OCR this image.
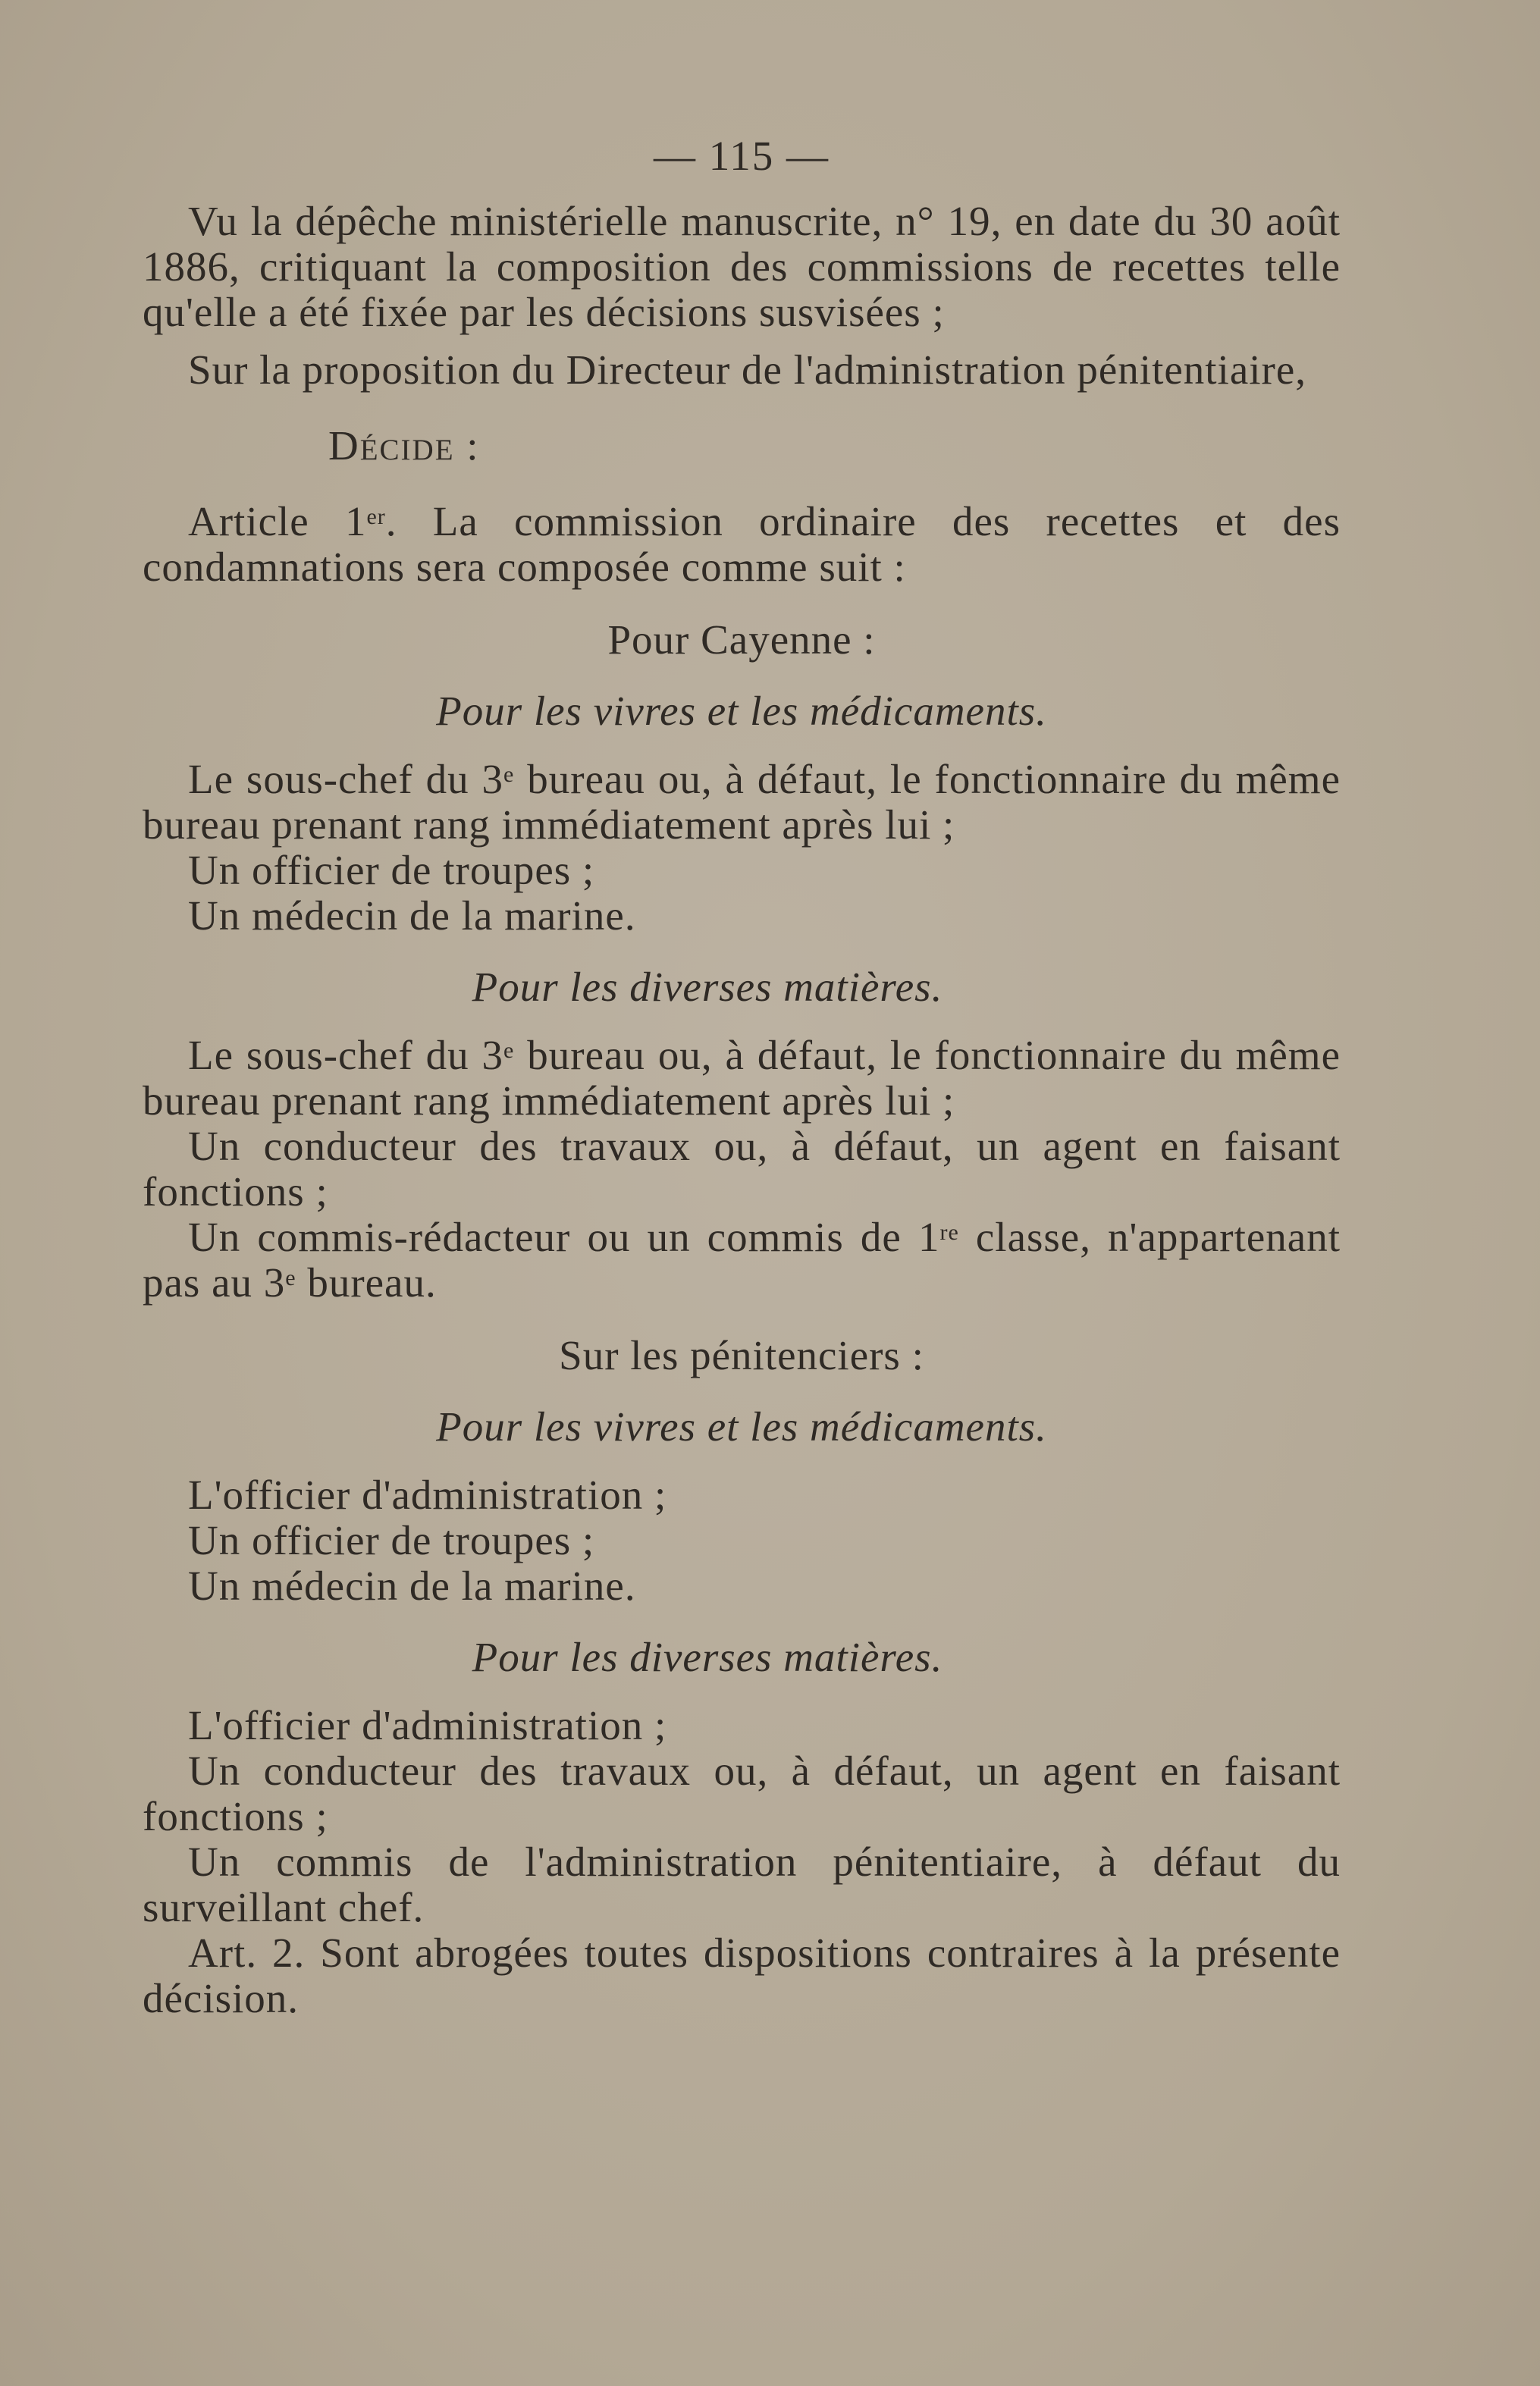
— 115 —

Vu la dépêche ministérielle manuscrite, n° 19, en date du 30 août 1886, critiquant la composition des commissions de recettes telle qu'elle a été fixée par les décisions susvisées ;

Sur la proposition du Directeur de l'administration pénitentiaire,

Décide :

Article 1er. La commission ordinaire des recettes et des condamnations sera composée comme suit :

Pour Cayenne :
Pour les vivres et les médicaments.

Le sous-chef du 3e bureau ou, à défaut, le fonctionnaire du même bureau prenant rang immédiatement après lui ;

Un officier de troupes ;

Un médecin de la marine.

Pour les diverses matières.

Le sous-chef du 3e bureau ou, à défaut, le fonctionnaire du même bureau prenant rang immédiatement après lui ;

Un conducteur des travaux ou, à défaut, un agent en faisant fonctions ;

Un commis-rédacteur ou un commis de 1re classe, n'appartenant pas au 3e bureau.

Sur les pénitenciers :
Pour les vivres et les médicaments.

L'officier d'administration ;

Un officier de troupes ;

Un médecin de la marine.

Pour les diverses matières.

L'officier d'administration ;

Un conducteur des travaux ou, à défaut, un agent en faisant fonctions ;

Un commis de l'administration pénitentiaire, à défaut du surveillant chef.

Art. 2. Sont abrogées toutes dispositions contraires à la présente décision.
